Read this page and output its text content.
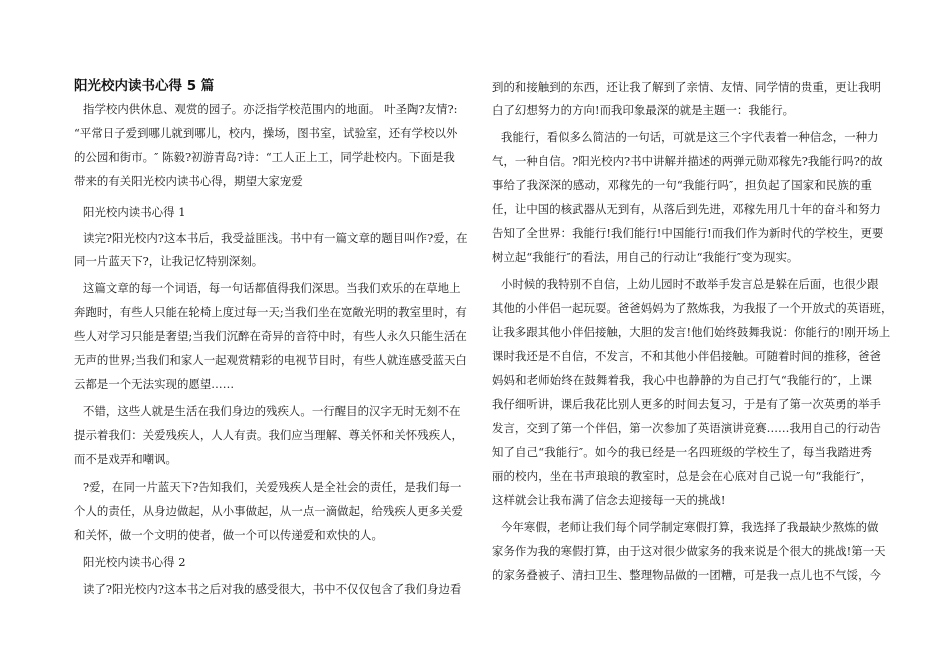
阳光校内读书心得 5 篇
指学校内供休息、观赏的园子。亦泛指学校范围内的地面。 叶圣陶?友情?:
“平常日子爱到哪儿就到哪儿，校内，操场，图书室，试验室，还有学校以外
的公园和街市。″ 陈毅?初游青岛?诗：“工人正上工，同学赴校内。下面是我
带来的有关阳光校内读书心得，期望大家宠爱
阳光校内读书心得 1
读完?阳光校内?这本书后，我受益匪浅。书中有一篇文章的题目叫作?爱，在
同一片蓝天下?，让我记忆特别深刻。
这篇文章的每一个词语，每一句话都值得我们深思。当我们欢乐的在草地上
奔跑时，有些人只能在轮椅上度过每一天;当我们坐在宽敞光明的教室里时，有
些人对学习只能是奢望;当我们沉醉在奇异的音符中时，有些人永久只能生活在
无声的世界;当我们和家人一起观赏精彩的电视节目时，有些人就连感受蓝天白
云都是一个无法实现的愿望……
不错，这些人就是生活在我们身边的残疾人。一行醒目的汉字无时无刻不在
提示着我们：关爱残疾人，人人有责。我们应当理解、尊关怀和关怀残疾人，
而不是戏弄和嘲讽。
?爱，在同一片蓝天下?告知我们，关爱残疾人是全社会的责任，是我们每一
个人的责任，从身边做起，从小事做起，从一点一滴做起，给残疾人更多关爱
和关怀，做一个文明的使者，做一个可以传递爱和欢快的人。
阳光校内读书心得 2
读了?阳光校内?这本书之后对我的感受很大，书中不仅仅包含了我们身边看
到的和接触到的东西，还让我了解到了亲情、友情、同学情的贵重，更让我明
白了幻想努力的方向!而我印象最深的就是主题一：我能行。
我能行，看似多么简洁的一句话，可就是这三个字代表着一种信念，一种力
气，一种自信。?阳光校内?书中讲解并描述的两弹元勋邓稼先?我能行吗?的故
事给了我深深的感动，邓稼先的一句“我能行吗″，担负起了国家和民族的重
任，让中国的核武器从无到有，从落后到先进，邓稼先用几十年的奋斗和努力
告知了全世界：我能行!我们能行!中国能行!而我们作为新时代的学校生，更要
树立起“我能行″的看法，用自己的行动让“我能行″变为现实。
小时候的我特别不自信，上幼儿园时不敢举手发言总是躲在后面，也很少跟
其他的小伴侣一起玩耍。爸爸妈妈为了熬炼我，为我报了一个开放式的英语班，
让我多跟其他小伴侣接触，大胆的发言!他们始终鼓舞我说：你能行的!刚开场上
课时我还是不自信，不发言，不和其他小伴侣接触。可随着时间的推移，爸爸
妈妈和老师始终在鼓舞着我，我心中也静静的为自己打气“我能行的″，上课
我仔细听讲，课后我花比别人更多的时间去复习，于是有了第一次英勇的举手
发言，交到了第一个伴侣，第一次参加了英语演讲竞赛……我用自己的行动告
知了自己“我能行″。如今的我已经是一名四班级的学校生了，每当我踏进秀
丽的校内，坐在书声琅琅的教室时，总是会在心底对自己说一句“我能行″，
这样就会让我布满了信念去迎接每一天的挑战!
今年寒假，老师让我们每个同学制定寒假打算，我选择了我最缺少熬炼的做
家务作为我的寒假打算，由于这对很少做家务的我来说是个很大的挑战!第一天
的家务叠被子、清扫卫生、整理物品做的一团糟，可是我一点儿也不气馁，今
